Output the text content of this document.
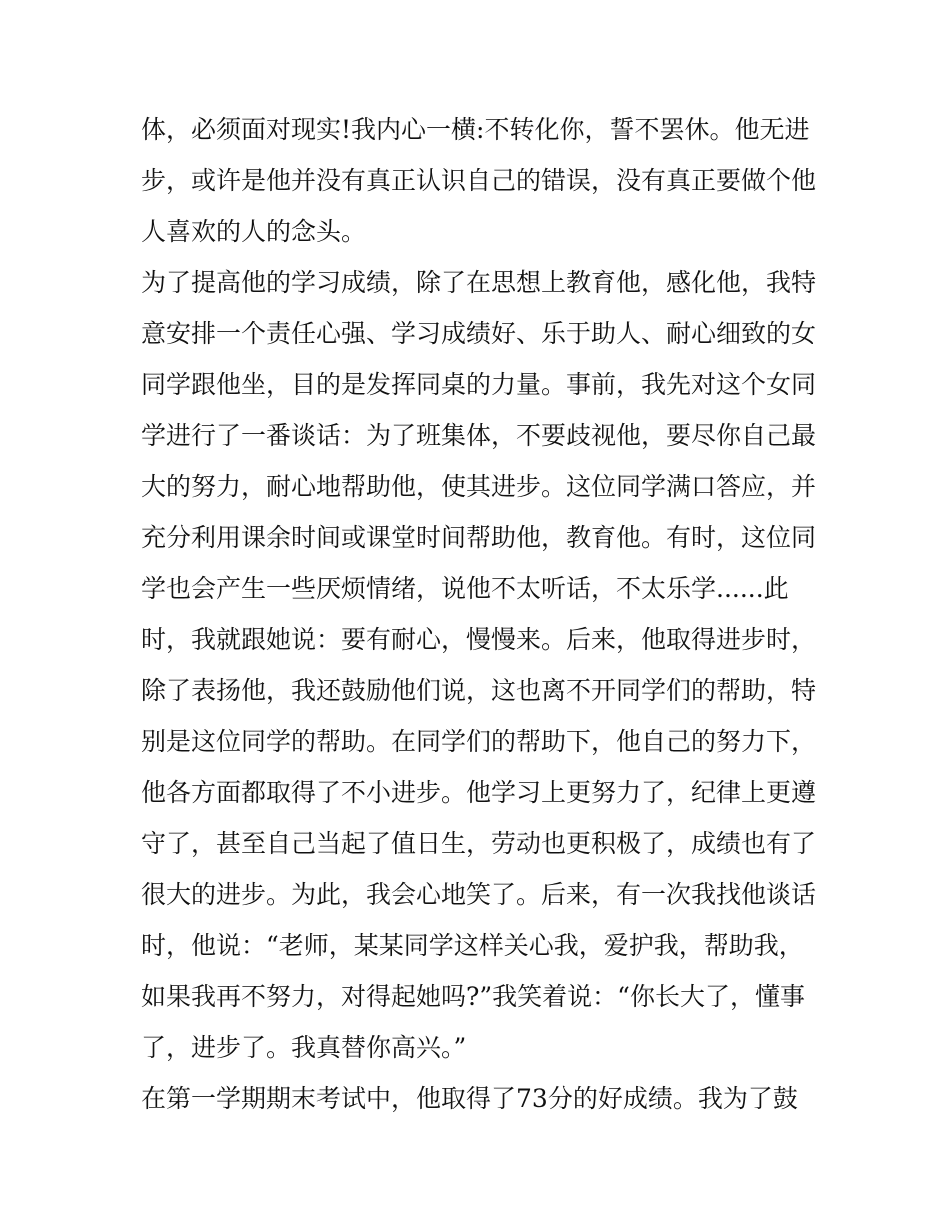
体，必须面对现实!我内心一横:不转化你，誓不罢休。他无进
步，或许是他并没有真正认识自己的错误，没有真正要做个他
人喜欢的人的念头。
为了提高他的学习成绩，除了在思想上教育他，感化他，我特
意安排一个责任心强、学习成绩好、乐于助人、耐心细致的女
同学跟他坐，目的是发挥同桌的力量。事前，我先对这个女同
学进行了一番谈话：为了班集体，不要歧视他，要尽你自己最
大的努力，耐心地帮助他，使其进步。这位同学满口答应，并
充分利用课余时间或课堂时间帮助他，教育他。有时，这位同
学也会产生一些厌烦情绪，说他不太听话，不太乐学......此
时，我就跟她说：要有耐心，慢慢来。后来，他取得进步时，
除了表扬他，我还鼓励他们说，这也离不开同学们的帮助，特
别是这位同学的帮助。在同学们的帮助下，他自己的努力下，
他各方面都取得了不小进步。他学习上更努力了，纪律上更遵
守了，甚至自己当起了值日生，劳动也更积极了，成绩也有了
很大的进步。为此，我会心地笑了。后来，有一次我找他谈话
时，他说：“老师，某某同学这样关心我，爱护我，帮助我，
如果我再不努力，对得起她吗?”我笑着说：“你长大了，懂事
了，进步了。我真替你高兴。”
在第一学期期末考试中，他取得了73分的好成绩。我为了鼓
